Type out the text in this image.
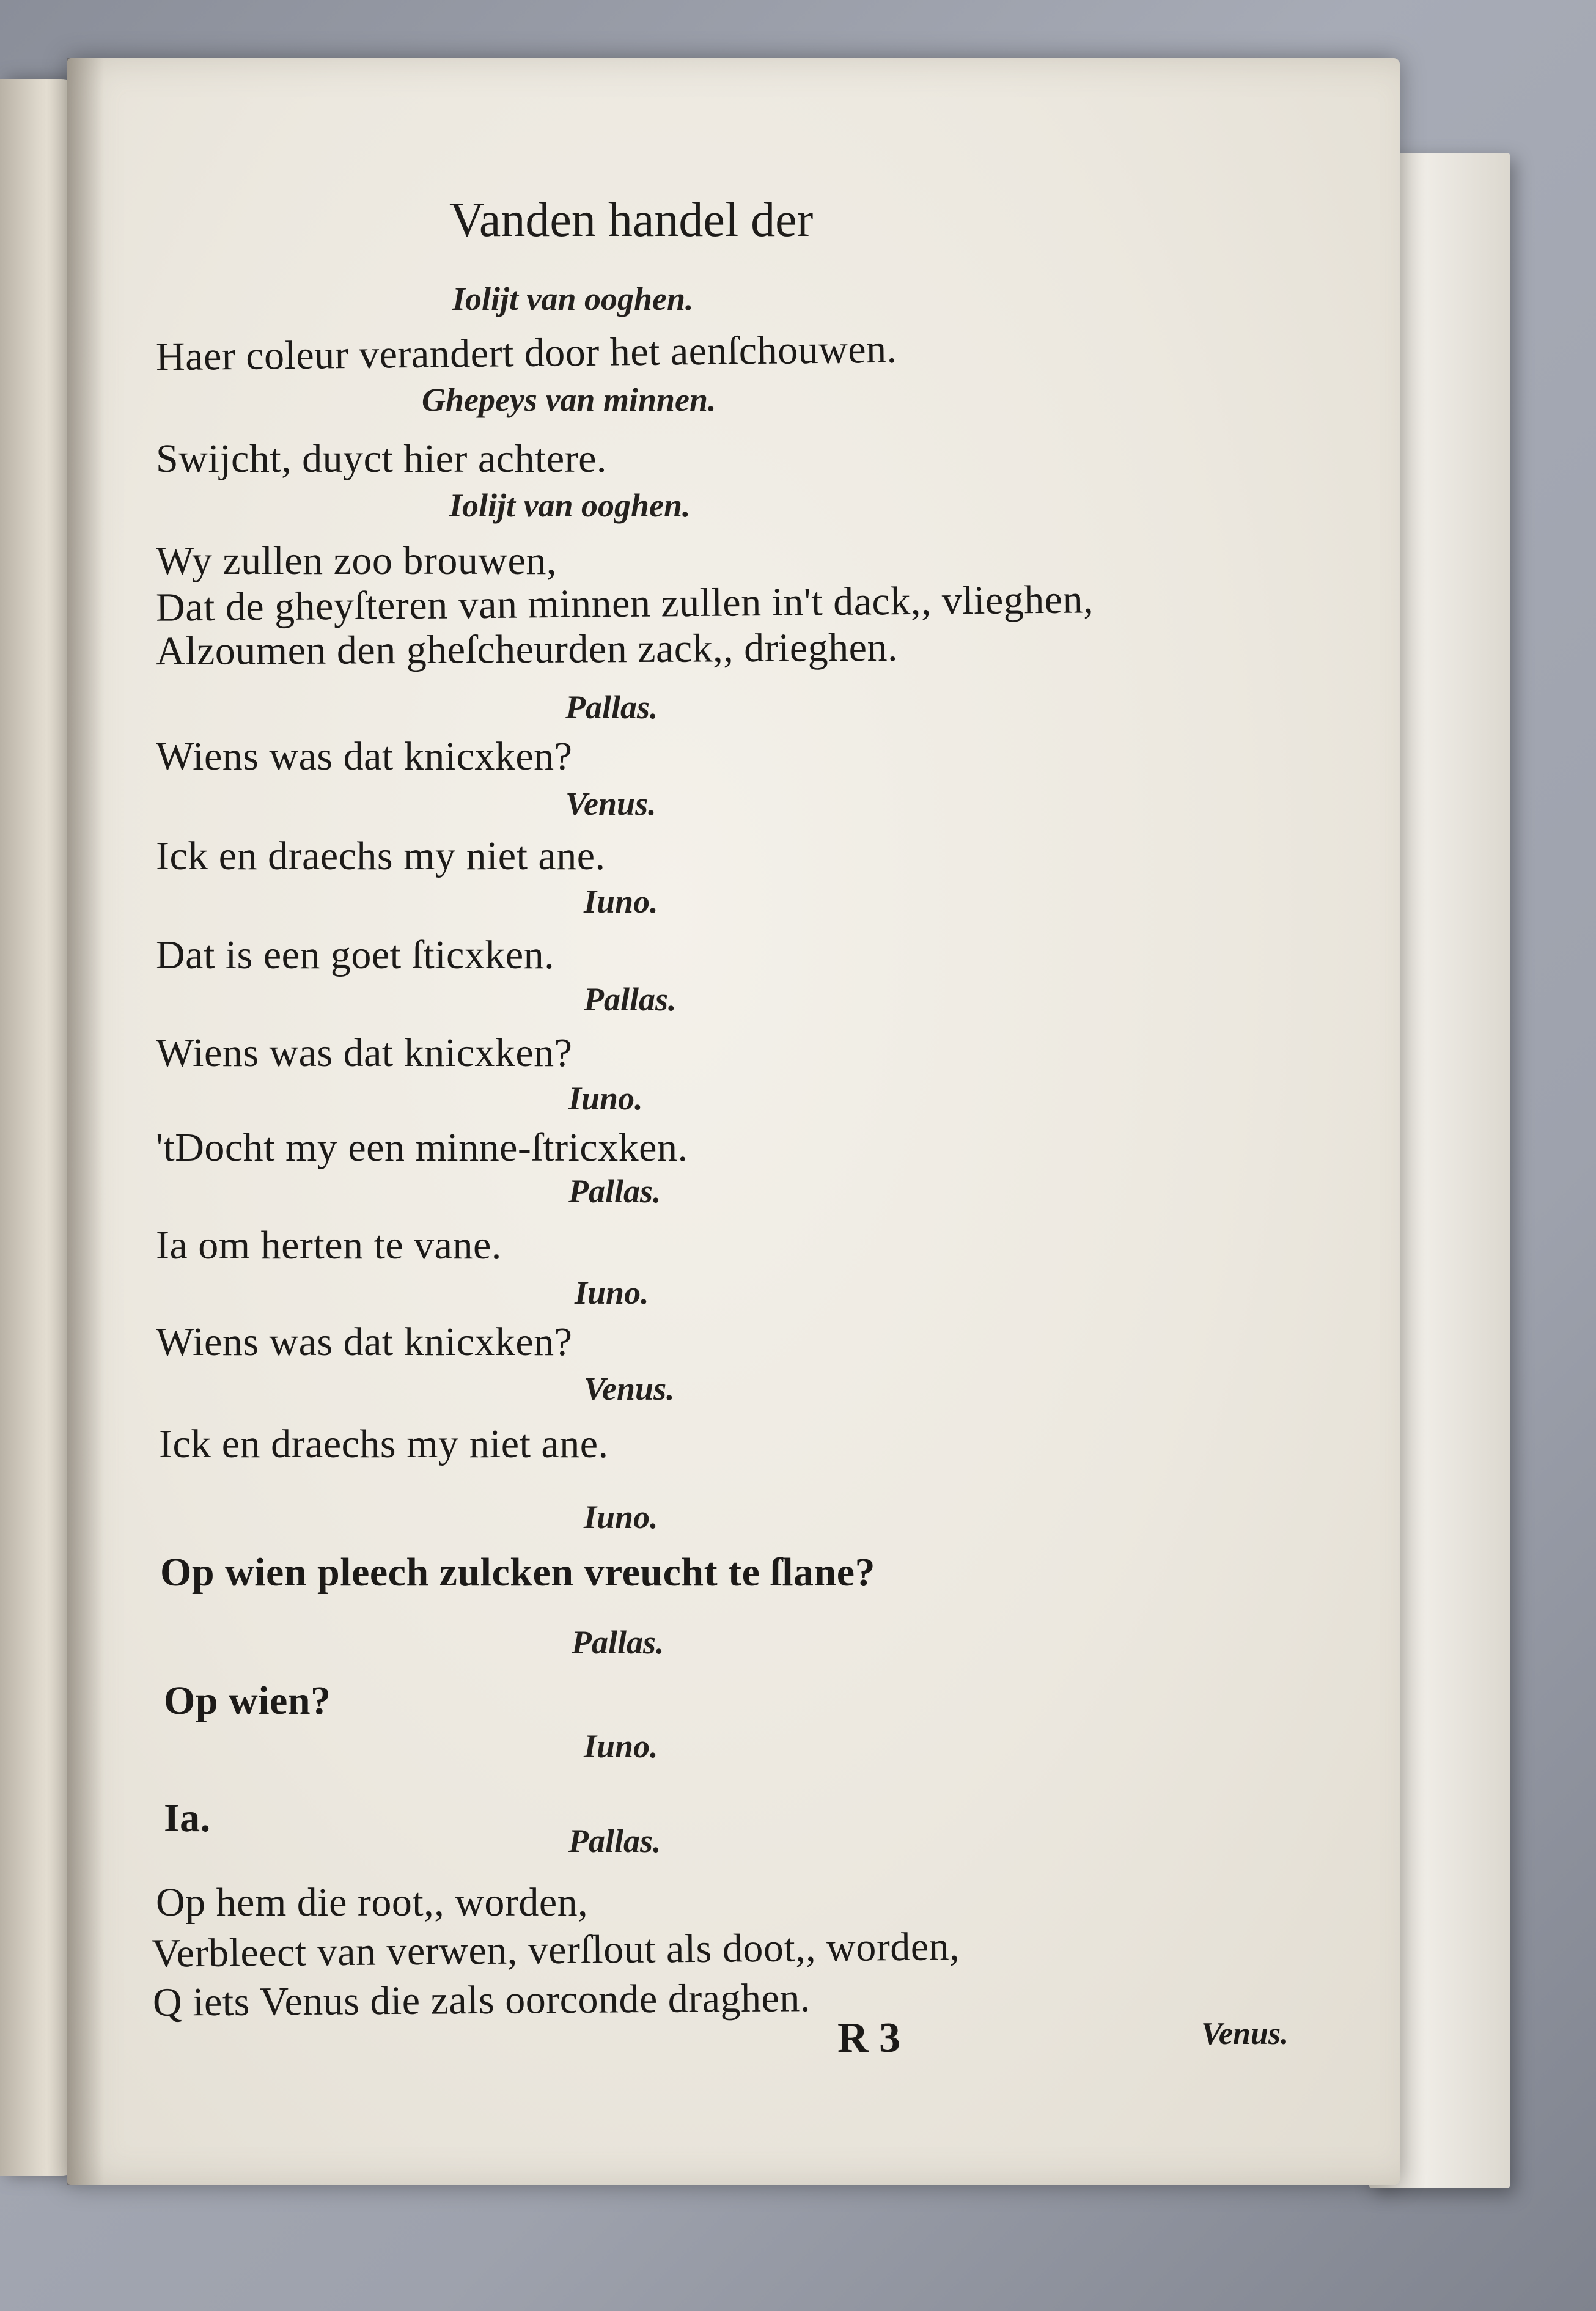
Vanden handel der
Iolijt van ooghen.
Haer coleur verandert door het aenſchouwen.
Ghepeys van minnen.
Swijcht, duyct hier achtere.
Iolijt van ooghen.
Wy zullen zoo brouwen,
Dat de gheyſteren van minnen zullen in't dack,, vlieghen,
Alzoumen den gheſcheurden zack,, drieghen.
Pallas.
Wiens was dat knicxken?
Venus.
Ick en draechs my niet ane.
Iuno.
Dat is een goet ſticxken.
Pallas.
Wiens was dat knicxken?
Iuno.
'tDocht my een minne-ſtricxken.
Pallas.
Ia om herten te vane.
Iuno.
Wiens was dat knicxken?
Venus.
Ick en draechs my niet ane.
Iuno.
Op wien pleech zulcken vreucht te ſlane?
Pallas.
Op wien?
Iuno.
Ia.
Pallas.
Op hem die root,, worden,
Verbleect van verwen, verſlout als doot,, worden,
Q iets Venus die zals oorconde draghen.
R 3	Venus.
